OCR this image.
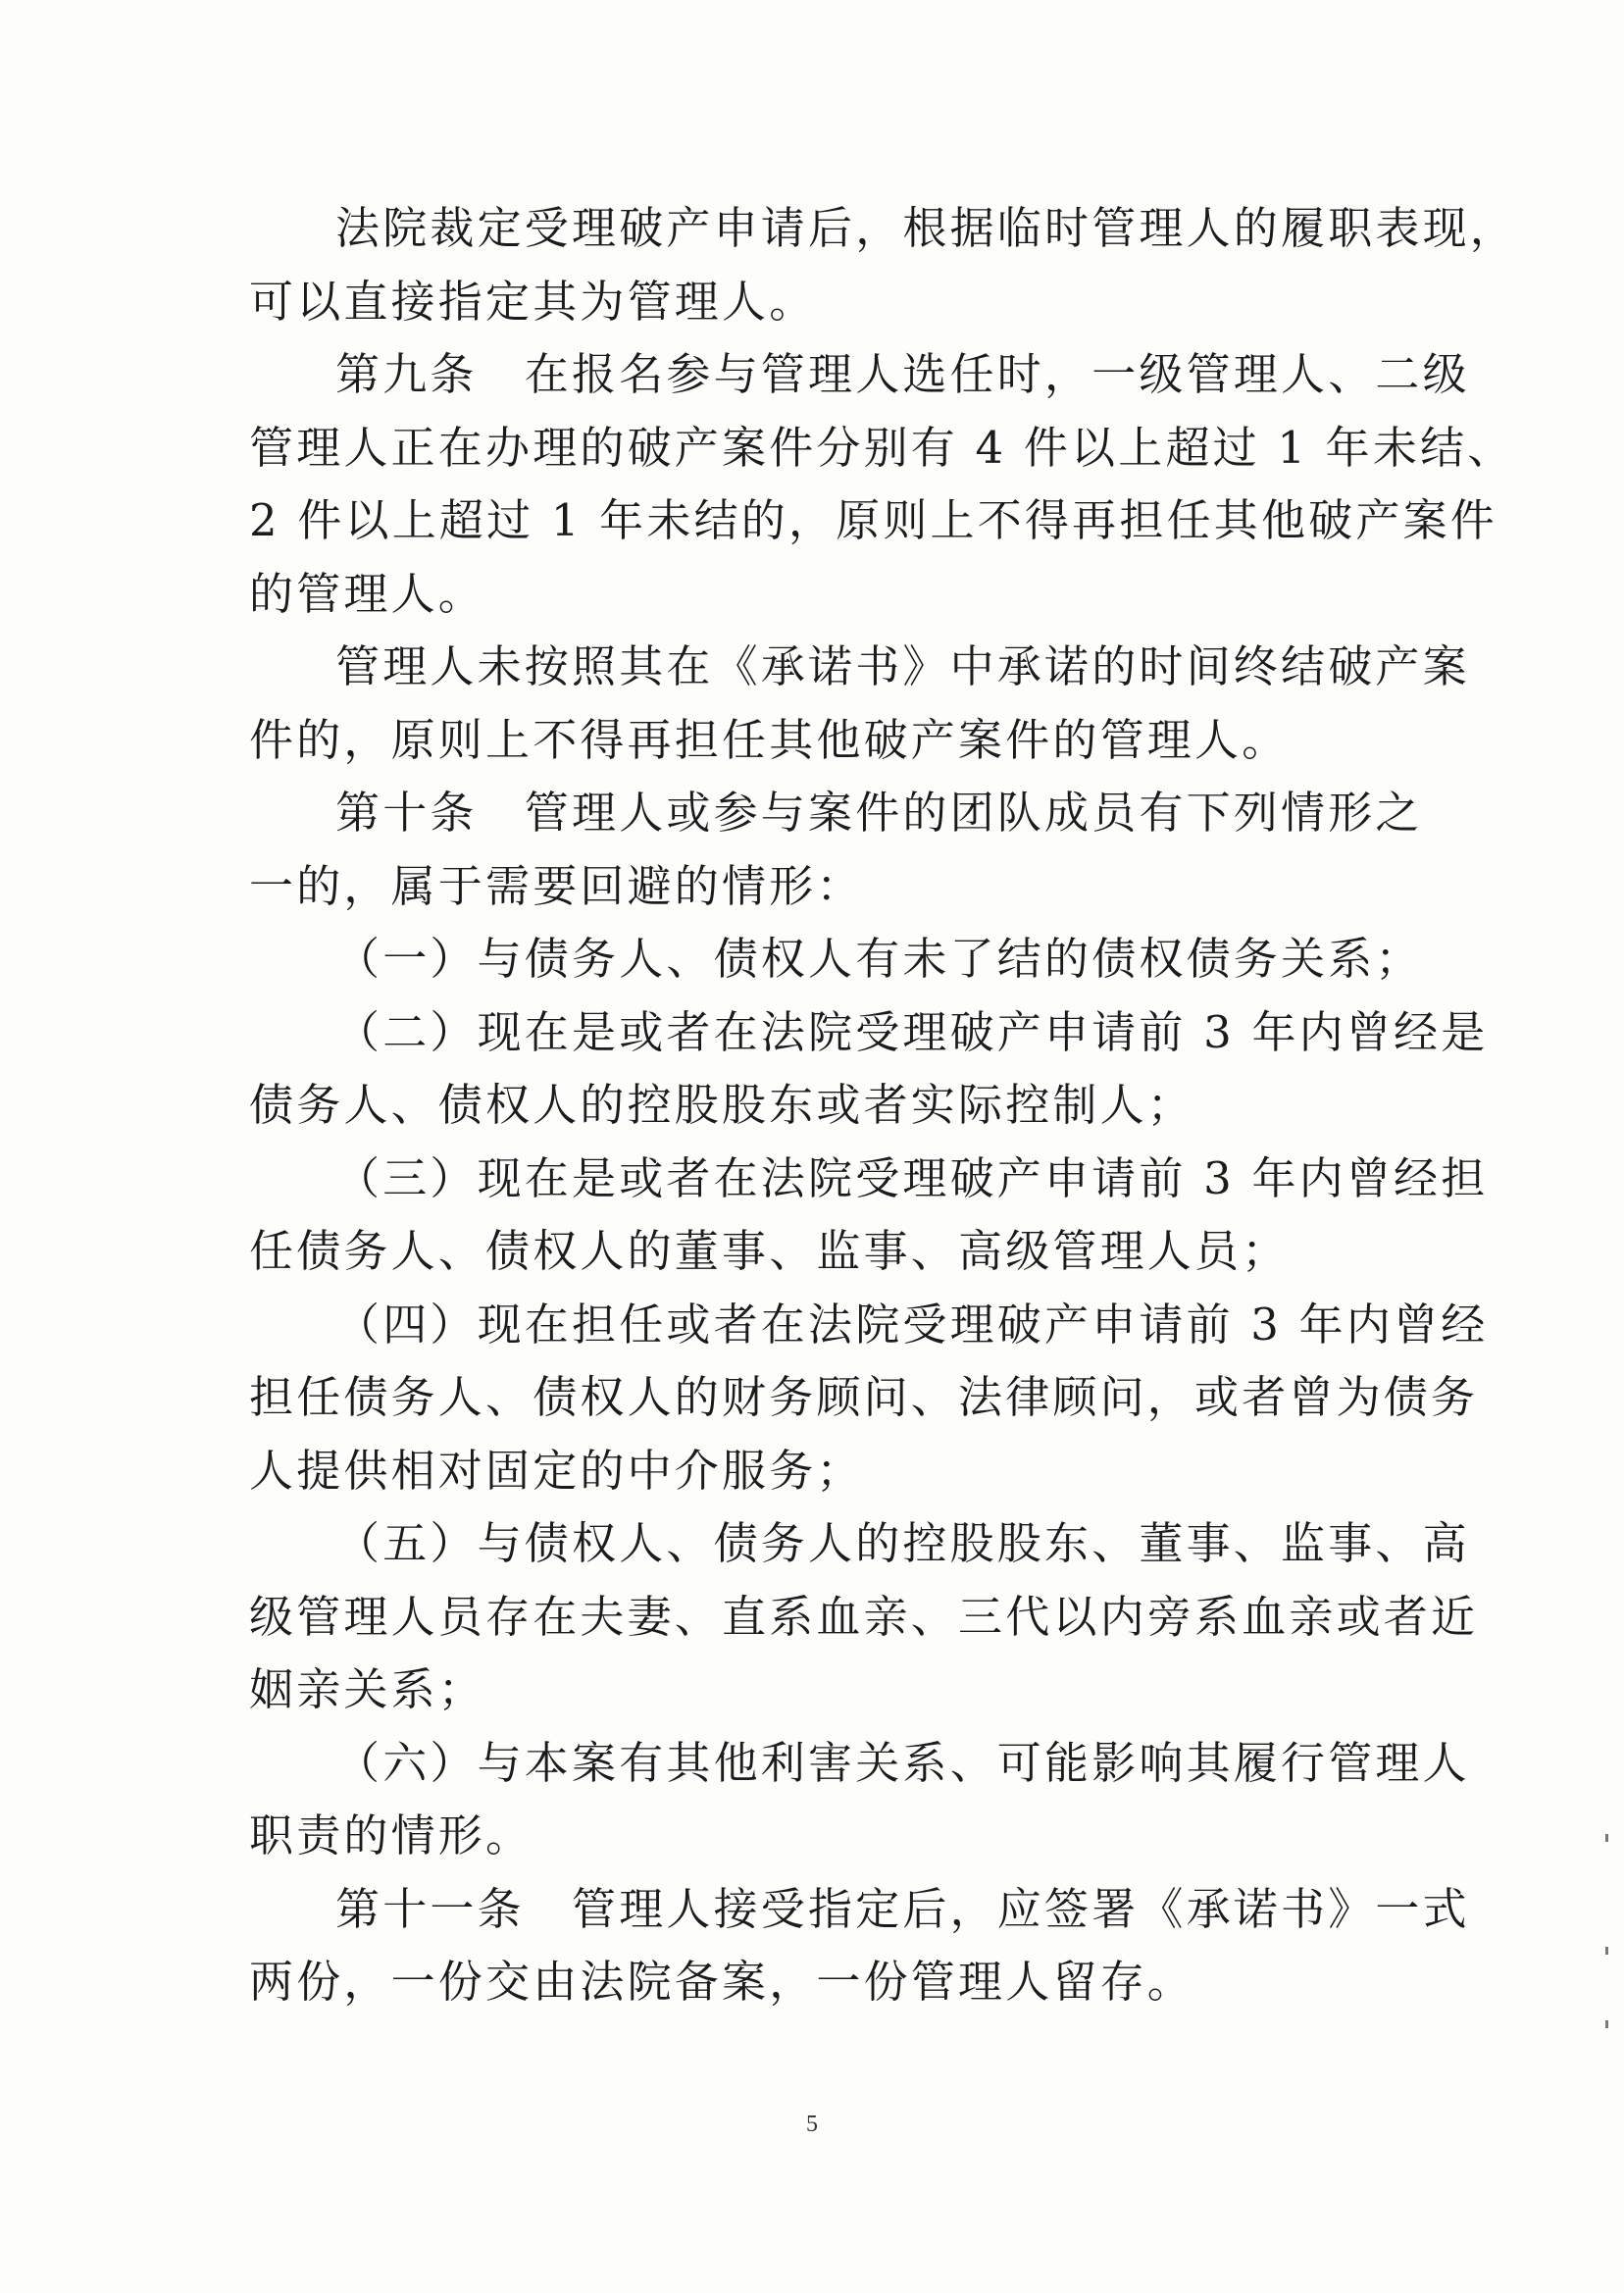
法院裁定受理破产申请后，根据临时管理人的履职表现，
可以直接指定其为管理人。
第九条　在报名参与管理人选任时，一级管理人、二级
管理人正在办理的破产案件分别有 4 件以上超过 1 年未结、
2 件以上超过 1 年未结的，原则上不得再担任其他破产案件
的管理人。
管理人未按照其在《承诺书》中承诺的时间终结破产案
件的，原则上不得再担任其他破产案件的管理人。
第十条　管理人或参与案件的团队成员有下列情形之
一的，属于需要回避的情形：
（一）与债务人、债权人有未了结的债权债务关系；
（二）现在是或者在法院受理破产申请前 3 年内曾经是
债务人、债权人的控股股东或者实际控制人；
（三）现在是或者在法院受理破产申请前 3 年内曾经担
任债务人、债权人的董事、监事、高级管理人员；
（四）现在担任或者在法院受理破产申请前 3 年内曾经
担任债务人、债权人的财务顾问、法律顾问，或者曾为债务
人提供相对固定的中介服务；
（五）与债权人、债务人的控股股东、董事、监事、高
级管理人员存在夫妻、直系血亲、三代以内旁系血亲或者近
姻亲关系；
（六）与本案有其他利害关系、可能影响其履行管理人
职责的情形。
第十一条　管理人接受指定后，应签署《承诺书》一式
两份，一份交由法院备案，一份管理人留存。
5
